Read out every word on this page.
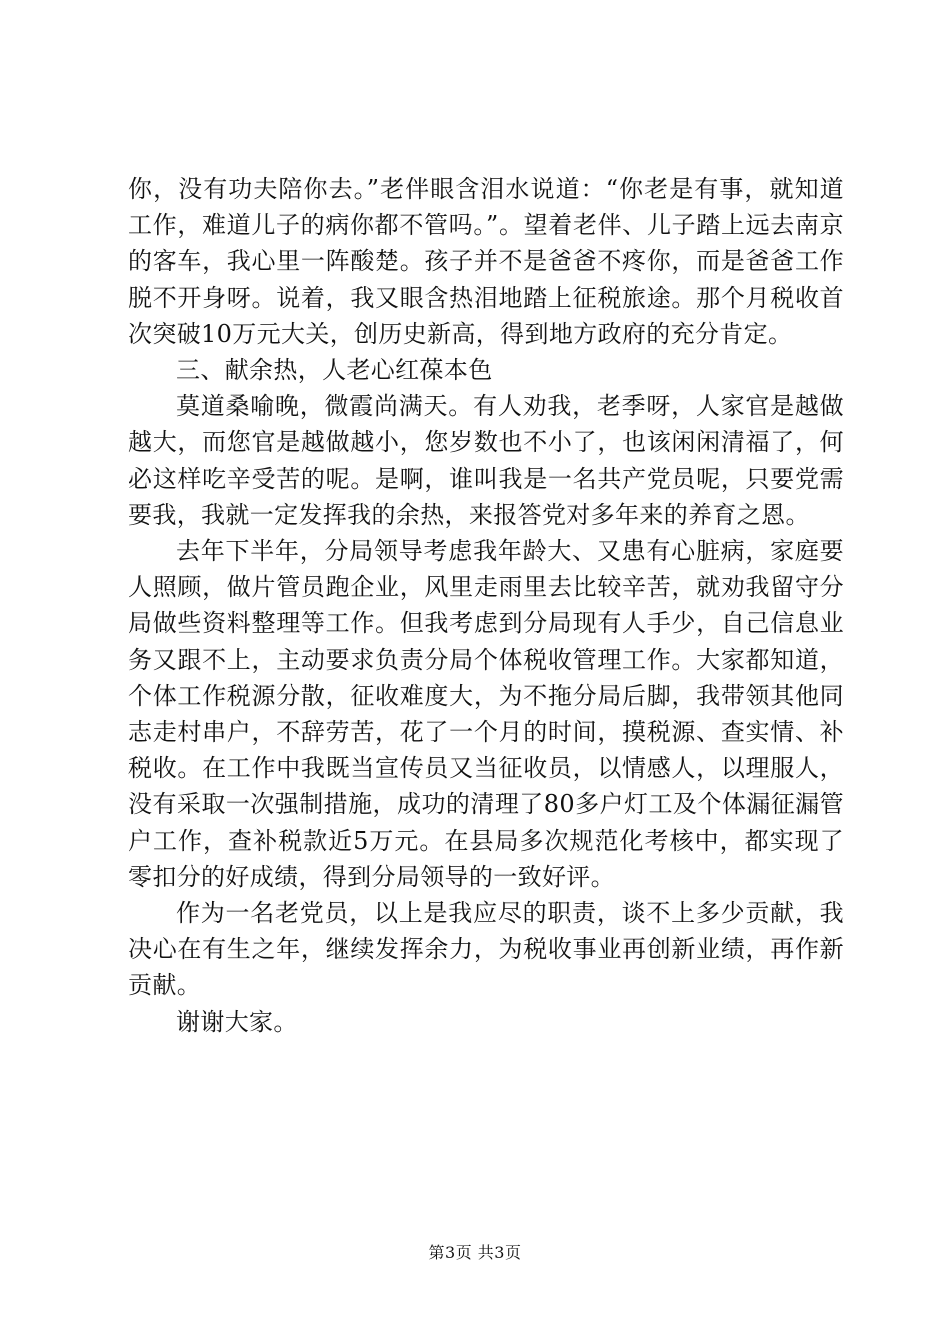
你，没有功夫陪你去。”老伴眼含泪水说道：“你老是有事，就知道工作，难道儿子的病你都不管吗。”。望着老伴、儿子踏上远去南京的客车，我心里一阵酸楚。孩子并不是爸爸不疼你，而是爸爸工作脱不开身呀。说着，我又眼含热泪地踏上征税旅途。那个月税收首次突破10万元大关，创历史新高，得到地方政府的充分肯定。

三、献余热，人老心红葆本色

莫道桑喻晚，微霞尚满天。有人劝我，老季呀，人家官是越做越大，而您官是越做越小，您岁数也不小了，也该闲闲清福了，何必这样吃辛受苦的呢。是啊，谁叫我是一名共产党员呢，只要党需要我，我就一定发挥我的余热，来报答党对多年来的养育之恩。

去年下半年，分局领导考虑我年龄大、又患有心脏病，家庭要人照顾，做片管员跑企业，风里走雨里去比较辛苦，就劝我留守分局做些资料整理等工作。但我考虑到分局现有人手少，自己信息业务又跟不上，主动要求负责分局个体税收管理工作。大家都知道，个体工作税源分散，征收难度大，为不拖分局后脚，我带领其他同志走村串户，不辞劳苦，花了一个月的时间，摸税源、查实情、补税收。在工作中我既当宣传员又当征收员，以情感人，以理服人，没有采取一次强制措施，成功的清理了80多户灯工及个体漏征漏管户工作，查补税款近5万元。在县局多次规范化考核中，都实现了零扣分的好成绩，得到分局领导的一致好评。

作为一名老党员，以上是我应尽的职责，谈不上多少贡献，我决心在有生之年，继续发挥余力，为税收事业再创新业绩，再作新贡献。

谢谢大家。

第3页 共3页
